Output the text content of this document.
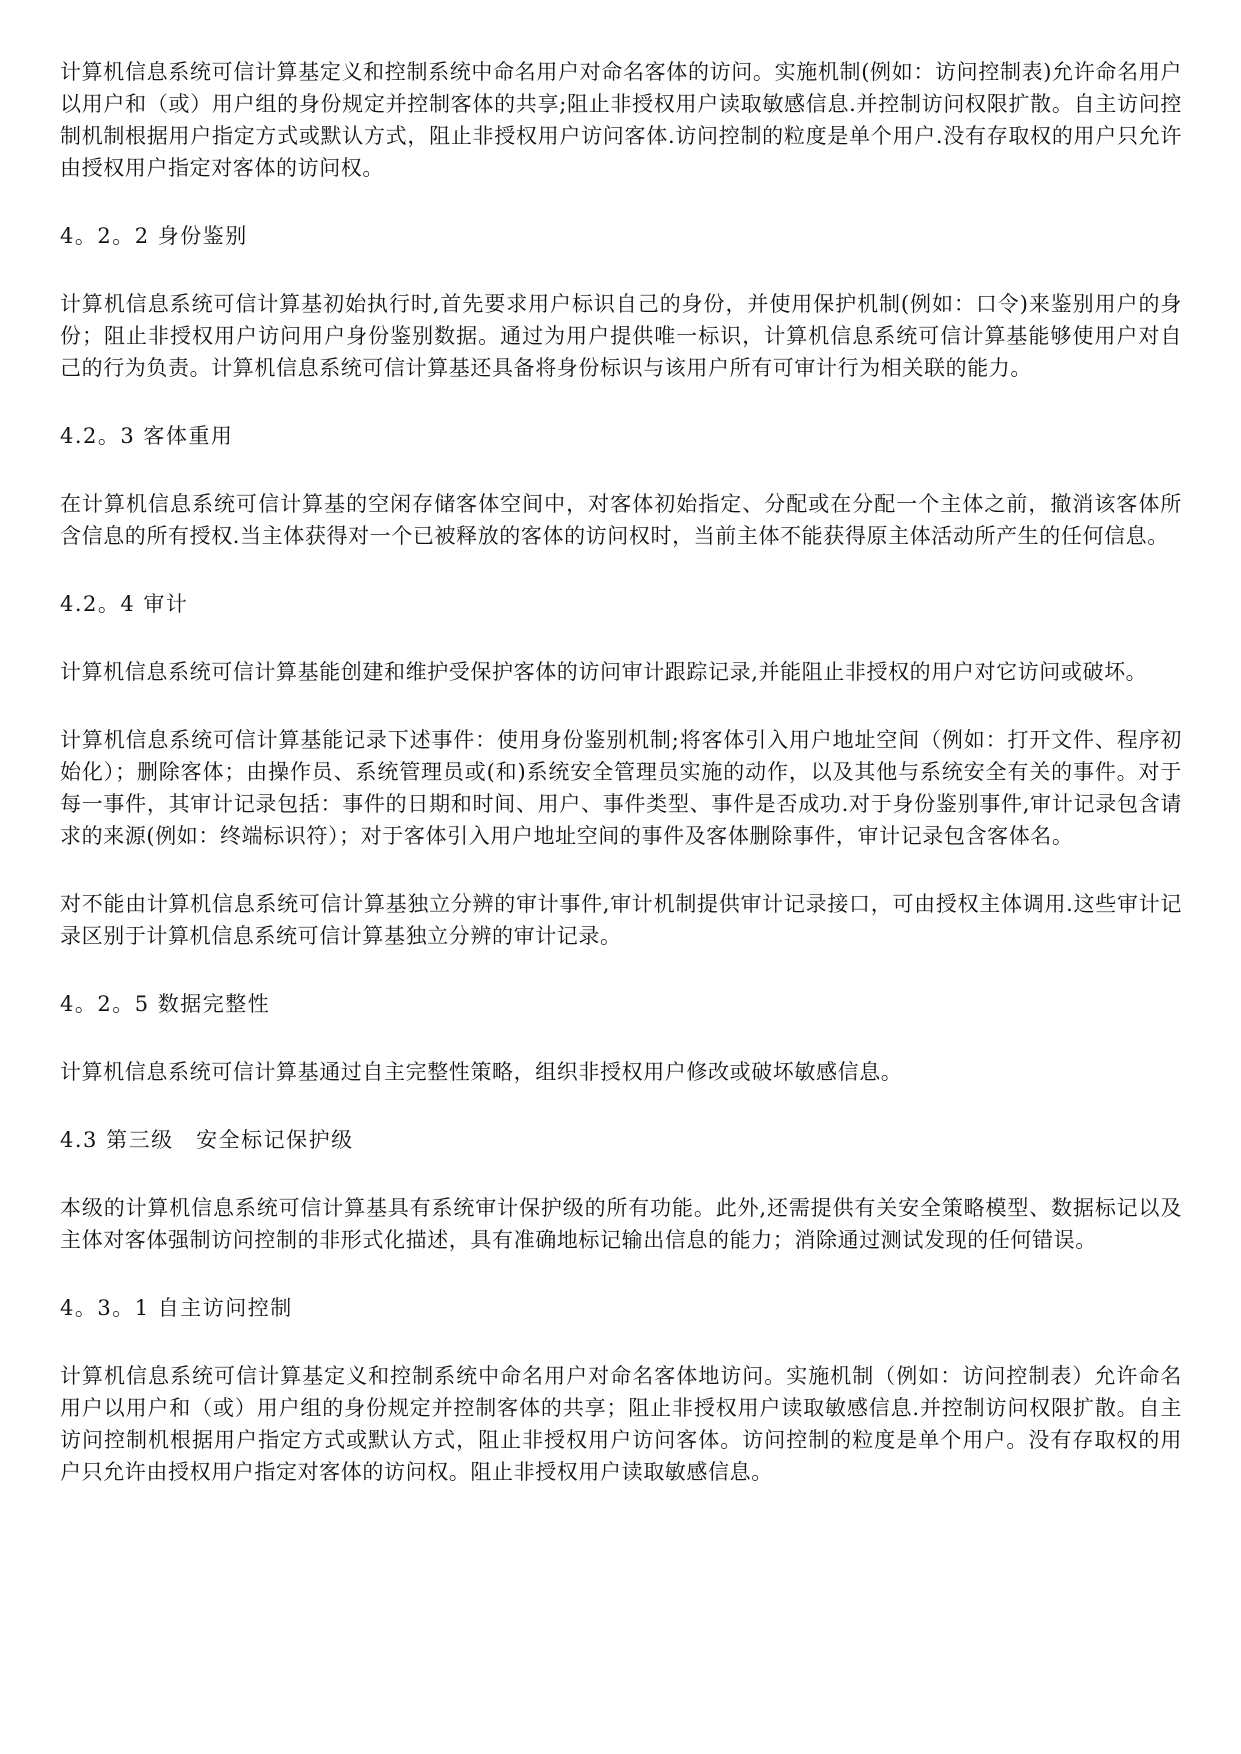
计算机信息系统可信计算基定义和控制系统中命名用户对命名客体的访问。实施机制(例如：访问控制表)允许命名用户以用户和（或）用户组的身份规定并控制客体的共享;阻止非授权用户读取敏感信息.并控制访问权限扩散。自主访问控制机制根据用户指定方式或默认方式，阻止非授权用户访问客体.访问控制的粒度是单个用户.没有存取权的用户只允许由授权用户指定对客体的访问权。

4。2。2 身份鉴别

计算机信息系统可信计算基初始执行时,首先要求用户标识自己的身份，并使用保护机制(例如：口令)来鉴别用户的身份；阻止非授权用户访问用户身份鉴别数据。通过为用户提供唯一标识，计算机信息系统可信计算基能够使用户对自己的行为负责。计算机信息系统可信计算基还具备将身份标识与该用户所有可审计行为相关联的能力。

4.2。3 客体重用

在计算机信息系统可信计算基的空闲存储客体空间中，对客体初始指定、分配或在分配一个主体之前，撤消该客体所含信息的所有授权.当主体获得对一个已被释放的客体的访问权时，当前主体不能获得原主体活动所产生的任何信息。

4.2。4 审计

计算机信息系统可信计算基能创建和维护受保护客体的访问审计跟踪记录,并能阻止非授权的用户对它访问或破坏。

计算机信息系统可信计算基能记录下述事件：使用身份鉴别机制;将客体引入用户地址空间（例如：打开文件、程序初始化）；删除客体；由操作员、系统管理员或(和)系统安全管理员实施的动作，以及其他与系统安全有关的事件。对于每一事件，其审计记录包括：事件的日期和时间、用户、事件类型、事件是否成功.对于身份鉴别事件,审计记录包含请求的来源(例如：终端标识符）；对于客体引入用户地址空间的事件及客体删除事件，审计记录包含客体名。

对不能由计算机信息系统可信计算基独立分辨的审计事件,审计机制提供审计记录接口，可由授权主体调用.这些审计记录区别于计算机信息系统可信计算基独立分辨的审计记录。

4。2。5 数据完整性

计算机信息系统可信计算基通过自主完整性策略，组织非授权用户修改或破坏敏感信息。

4.3 第三级　安全标记保护级

本级的计算机信息系统可信计算基具有系统审计保护级的所有功能。此外,还需提供有关安全策略模型、数据标记以及主体对客体强制访问控制的非形式化描述，具有准确地标记输出信息的能力；消除通过测试发现的任何错误。

4。3。1 自主访问控制

计算机信息系统可信计算基定义和控制系统中命名用户对命名客体地访问。实施机制（例如：访问控制表）允许命名用户以用户和（或）用户组的身份规定并控制客体的共享；阻止非授权用户读取敏感信息.并控制访问权限扩散。自主访问控制机根据用户指定方式或默认方式，阻止非授权用户访问客体。访问控制的粒度是单个用户。没有存取权的用户只允许由授权用户指定对客体的访问权。阻止非授权用户读取敏感信息。
